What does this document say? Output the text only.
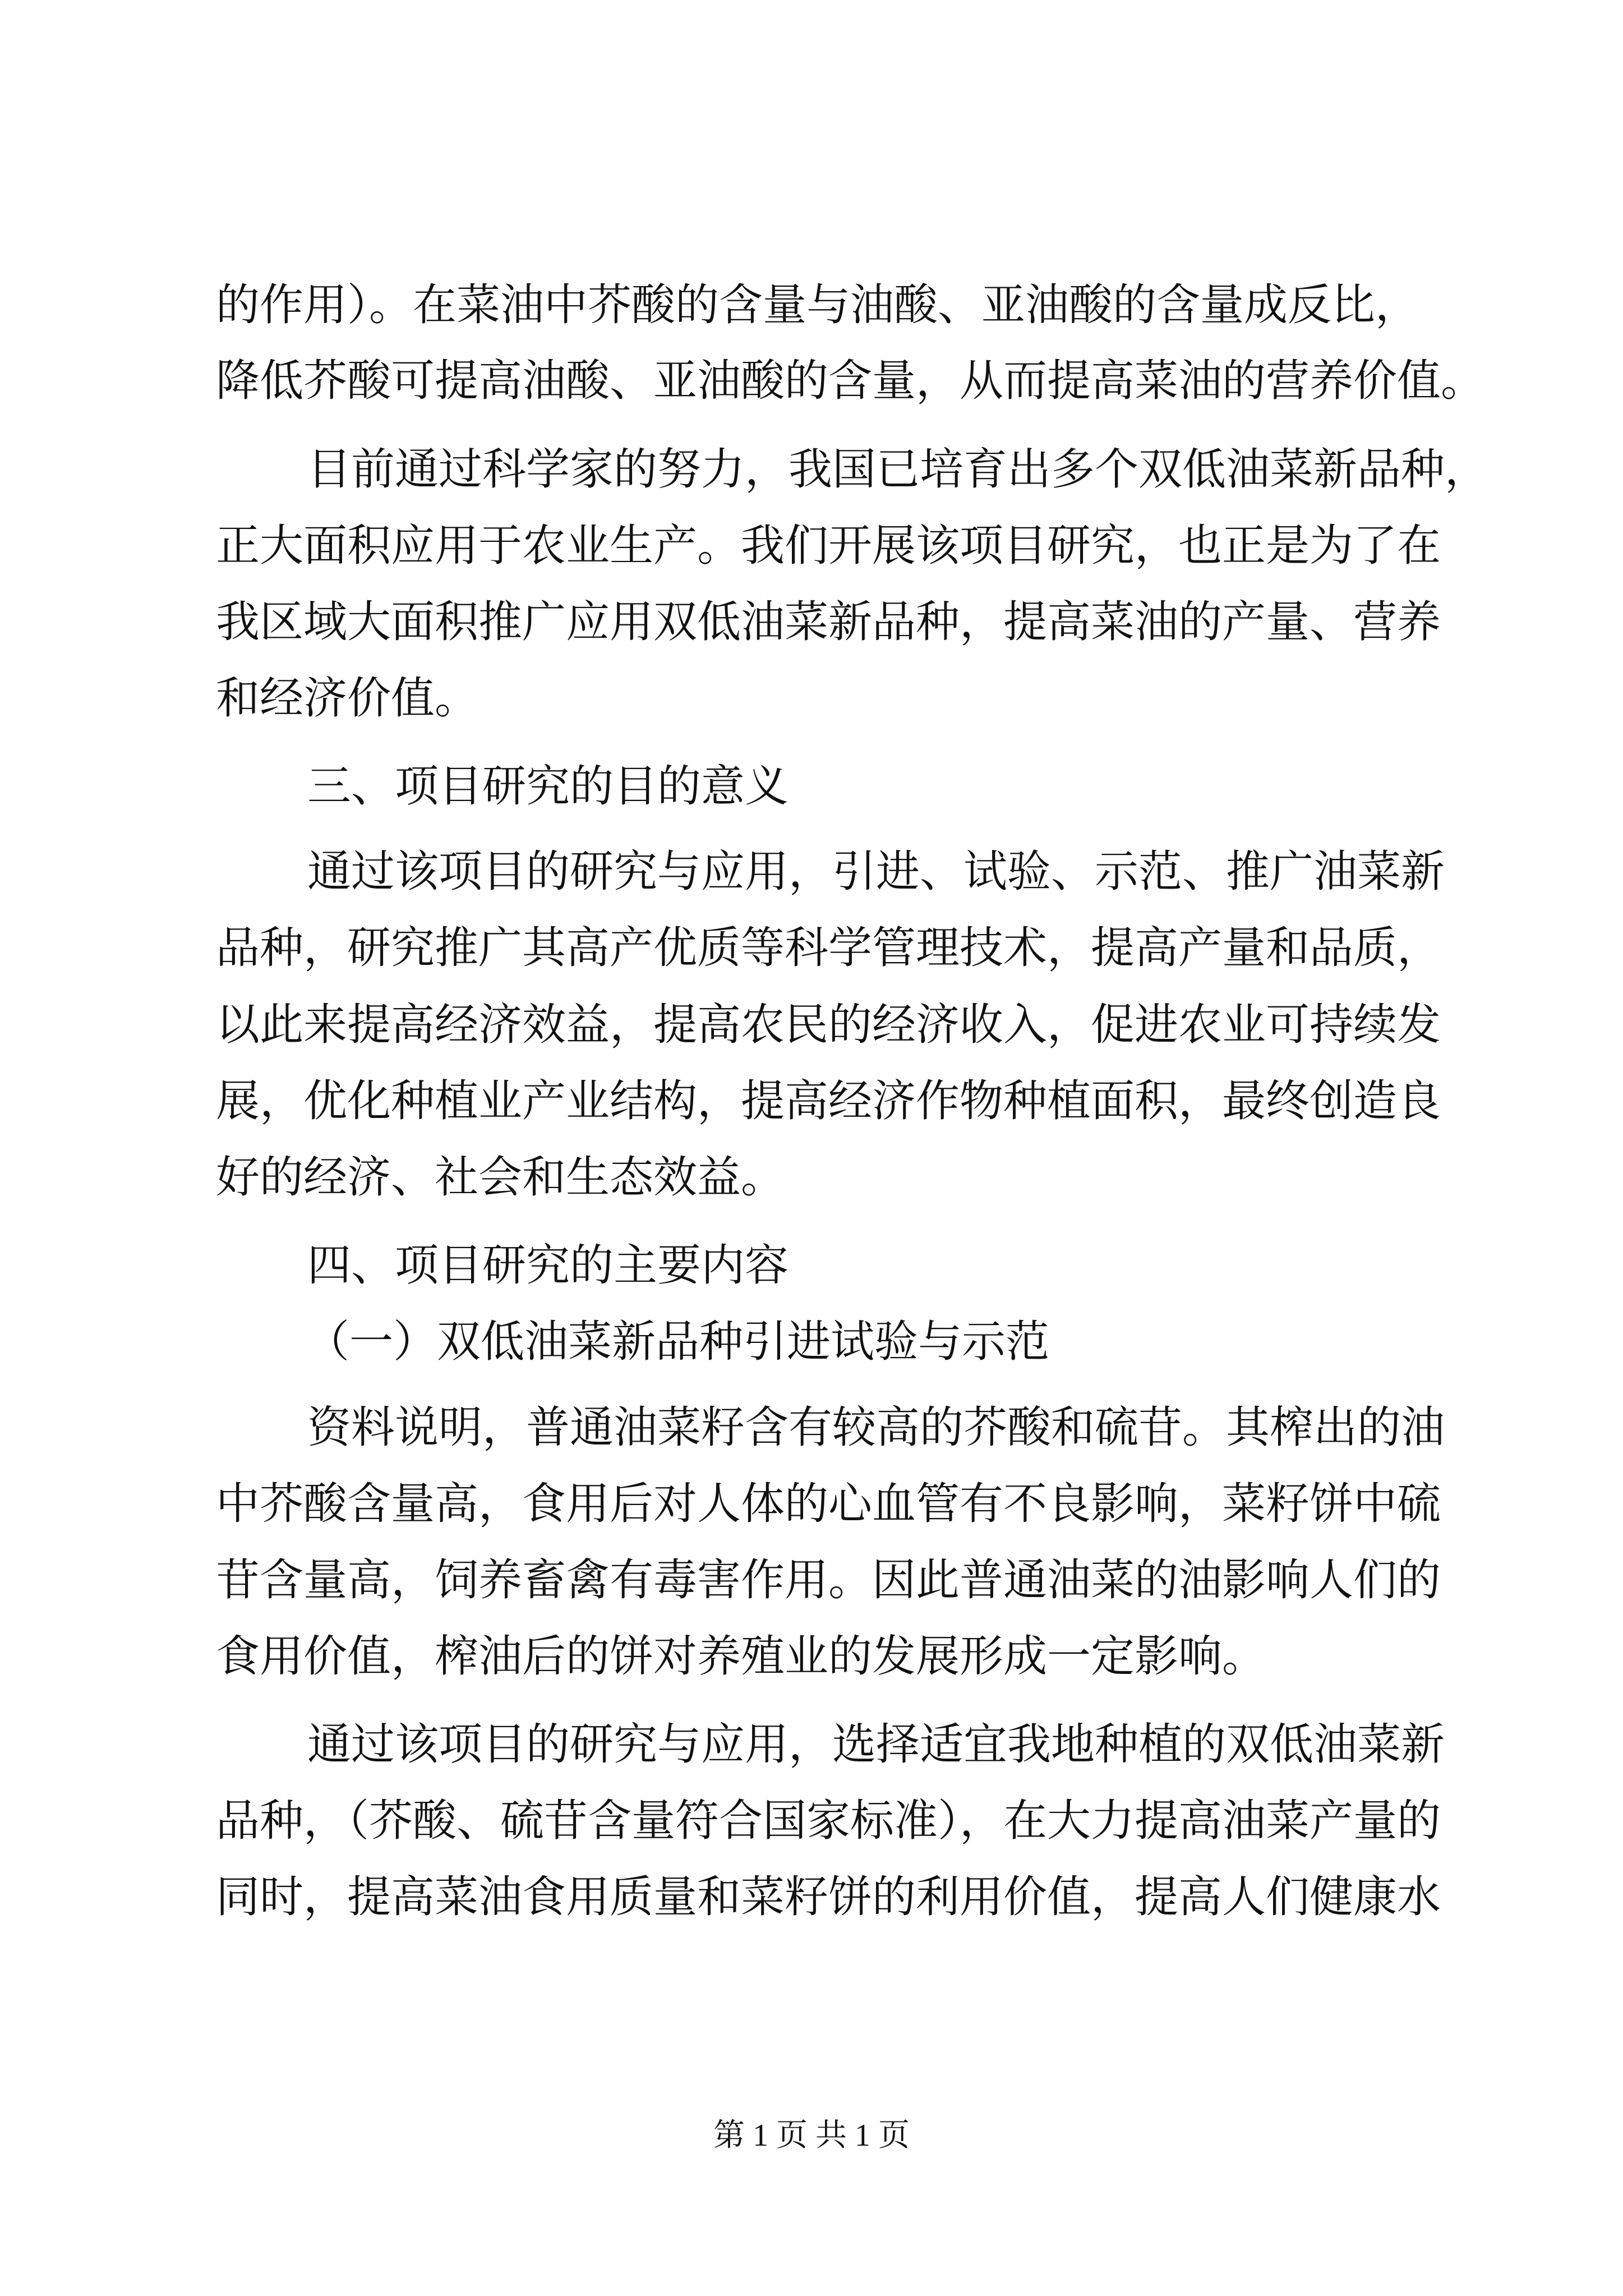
的作用）。在菜油中芥酸的含量与油酸、亚油酸的含量成反比，
降低芥酸可提高油酸、亚油酸的含量，从而提高菜油的营养价值。
目前通过科学家的努力，我国已培育出多个双低油菜新品种，
正大面积应用于农业生产。我们开展该项目研究，也正是为了在
我区域大面积推广应用双低油菜新品种，提高菜油的产量、营养
和经济价值。
三、项目研究的目的意义
通过该项目的研究与应用，引进、试验、示范、推广油菜新
品种，研究推广其高产优质等科学管理技术，提高产量和品质，
以此来提高经济效益，提高农民的经济收入，促进农业可持续发
展，优化种植业产业结构，提高经济作物种植面积，最终创造良
好的经济、社会和生态效益。
四、项目研究的主要内容
（一）双低油菜新品种引进试验与示范
资料说明，普通油菜籽含有较高的芥酸和硫苷。其榨出的油
中芥酸含量高，食用后对人体的心血管有不良影响，菜籽饼中硫
苷含量高，饲养畜禽有毒害作用。因此普通油菜的油影响人们的
食用价值，榨油后的饼对养殖业的发展形成一定影响。
通过该项目的研究与应用，选择适宜我地种植的双低油菜新
品种，（芥酸、硫苷含量符合国家标准），在大力提高油菜产量的
同时，提高菜油食用质量和菜籽饼的利用价值，提高人们健康水
第 1 页 共 1 页
